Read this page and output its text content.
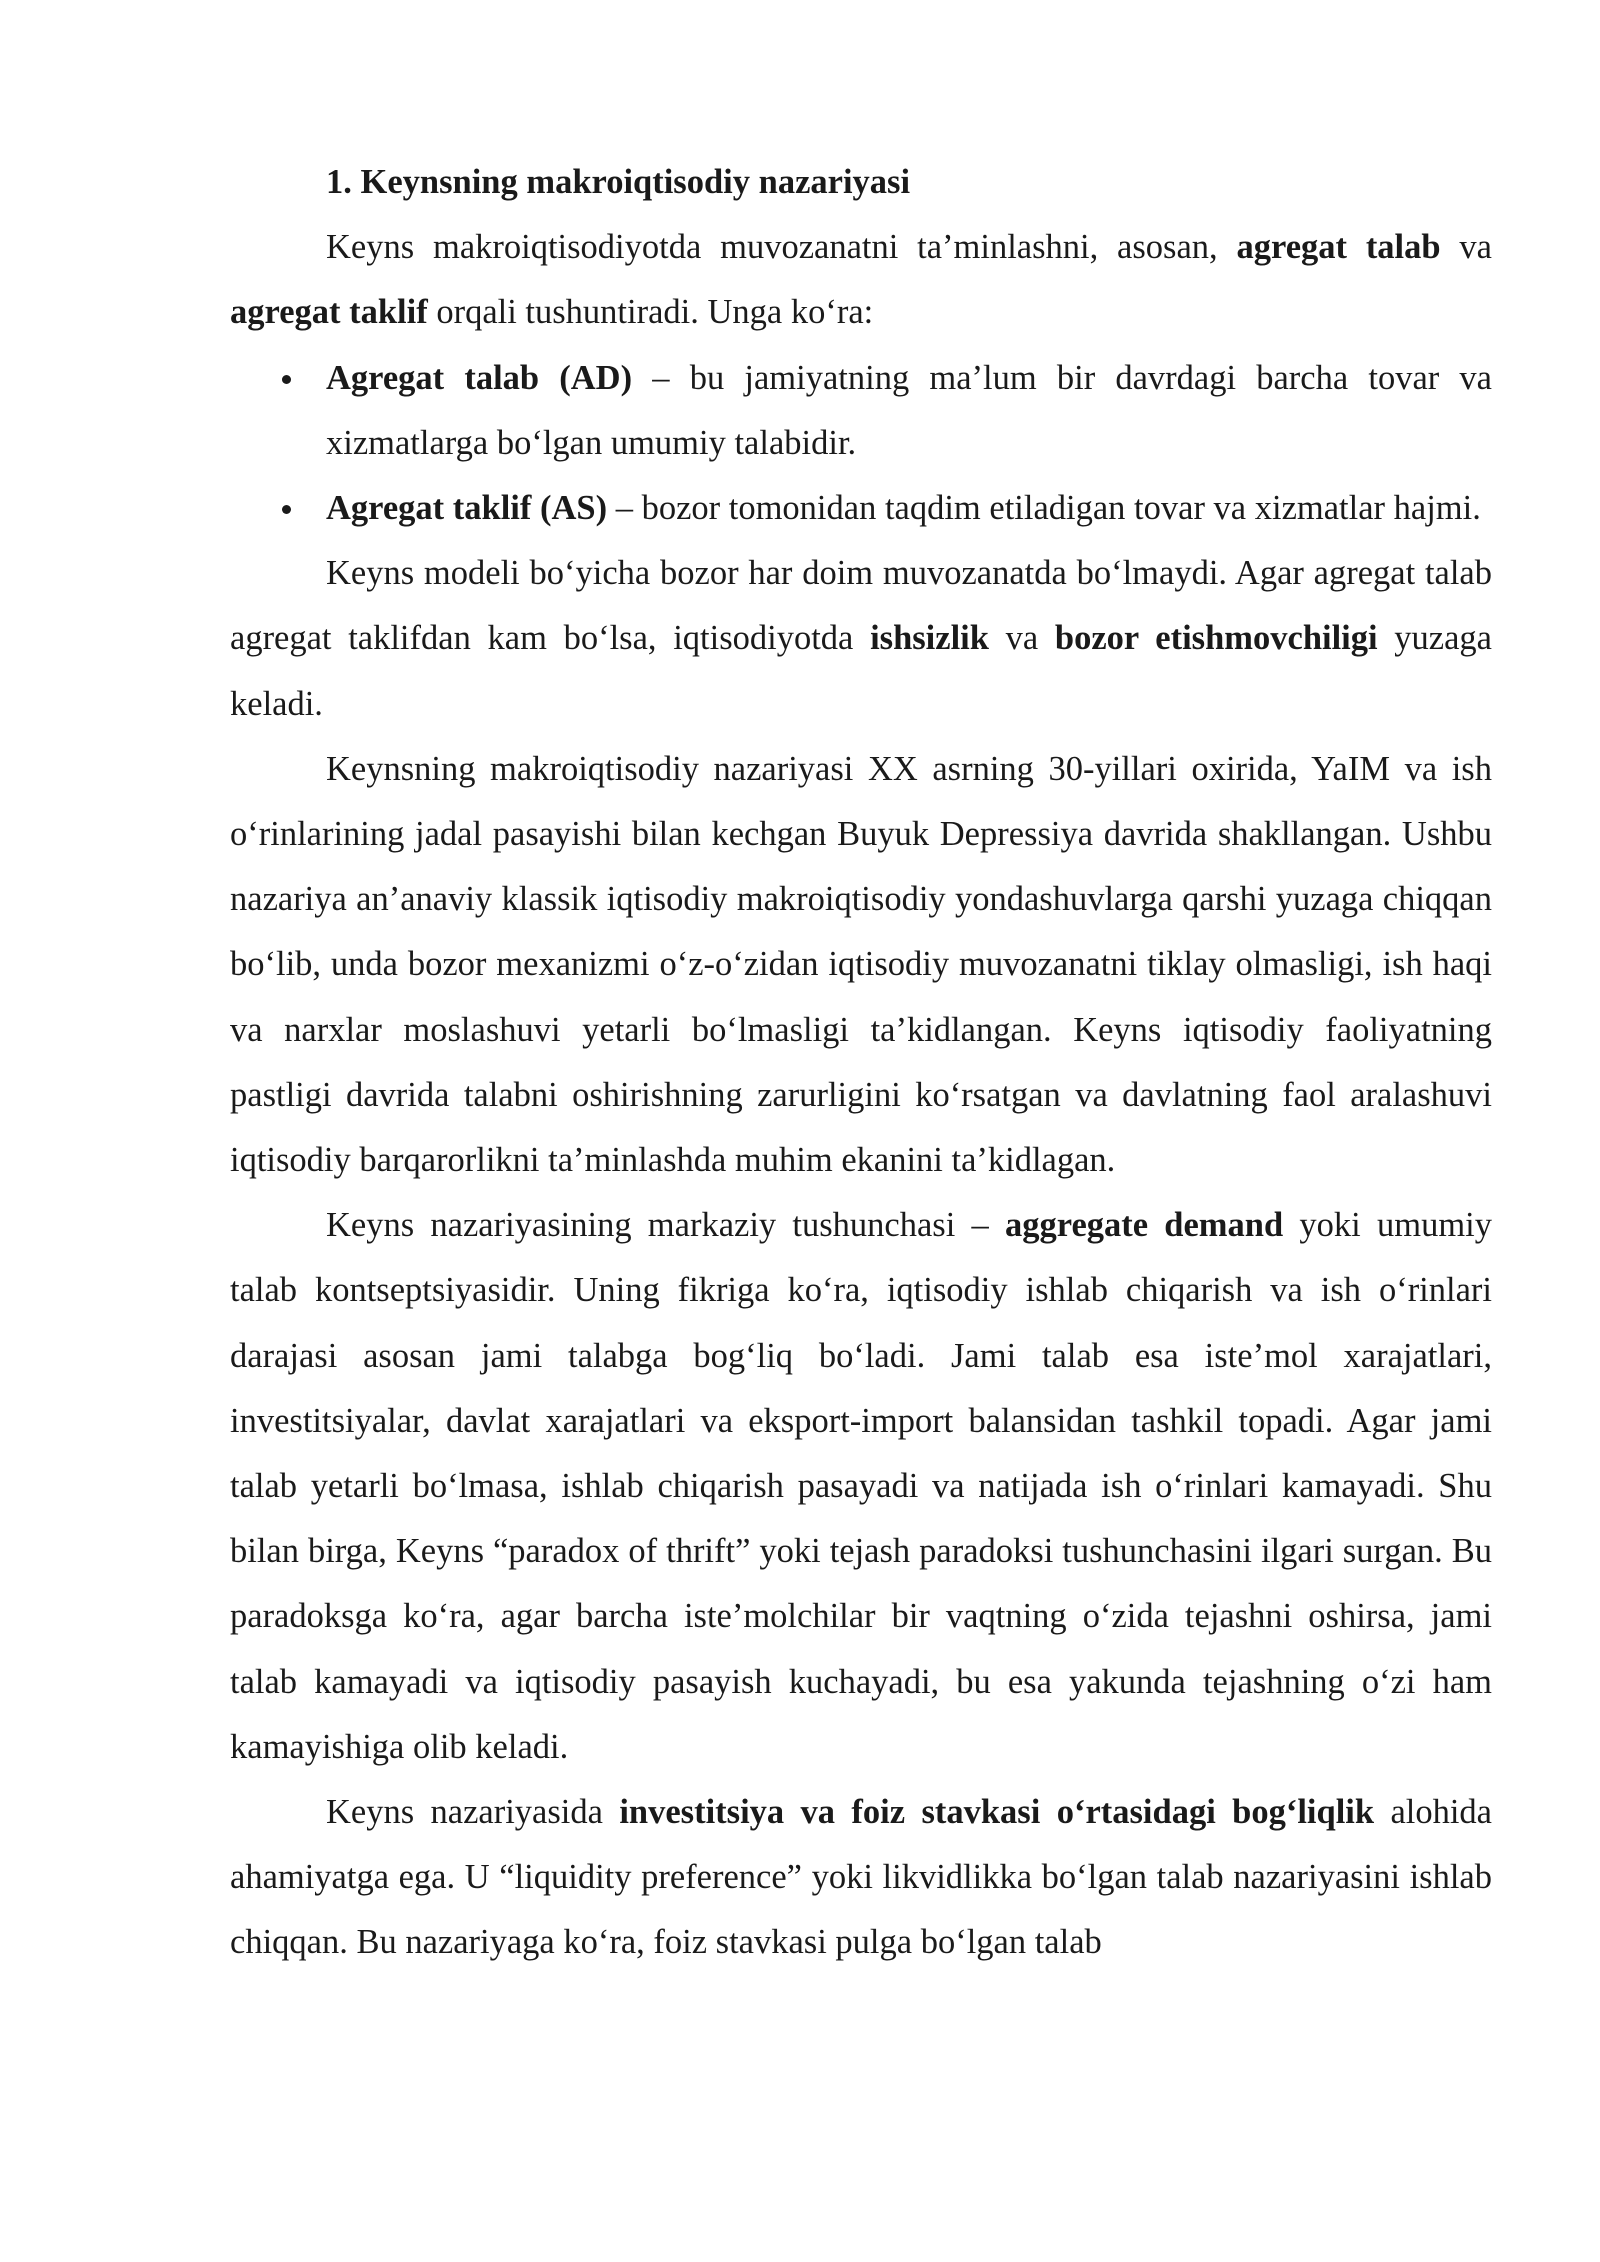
1. Keynsning makroiqtisodiy nazariyasi

Keyns makroiqtisodiyotda muvozanatni ta’minlashni, asosan, agregat talab va agregat taklif orqali tushuntiradi. Unga ko‘ra:

Agregat talab (AD) – bu jamiyatning ma’lum bir davrdagi barcha tovar va xizmatlarga bo‘lgan umumiy talabidir.
Agregat taklif (AS) – bozor tomonidan taqdim etiladigan tovar va xizmatlar hajmi.

Keyns modeli bo‘yicha bozor har doim muvozanatda bo‘lmaydi. Agar agregat talab agregat taklifdan kam bo‘lsa, iqtisodiyotda ishsizlik va bozor etishmovchiligi yuzaga keladi.

Keynsning makroiqtisodiy nazariyasi XX asrning 30-yillari oxirida, YaIM va ish o‘rinlarining jadal pasayishi bilan kechgan Buyuk Depressiya davrida shakllangan. Ushbu nazariya an’anaviy klassik iqtisodiy makroiqtisodiy yondashuvlarga qarshi yuzaga chiqqan bo‘lib, unda bozor mexanizmi o‘z-o‘zidan iqtisodiy muvozanatni tiklay olmasligi, ish haqi va narxlar moslashuvi yetarli bo‘lmasligi ta’kidlangan. Keyns iqtisodiy faoliyatning pastligi davrida talabni oshirishning zarurligini ko‘rsatgan va davlatning faol aralashuvi iqtisodiy barqarorlikni ta’minlashda muhim ekanini ta’kidlagan.

Keyns nazariyasining markaziy tushunchasi – aggregate demand yoki umumiy talab kontseptsiyasidir. Uning fikriga ko‘ra, iqtisodiy ishlab chiqarish va ish o‘rinlari darajasi asosan jami talabga bog‘liq bo‘ladi. Jami talab esa iste’mol xarajatlari, investitsiyalar, davlat xarajatlari va eksport-import balansidan tashkil topadi. Agar jami talab yetarli bo‘lmasa, ishlab chiqarish pasayadi va natijada ish o‘rinlari kamayadi. Shu bilan birga, Keyns “paradox of thrift” yoki tejash paradoksi tushunchasini ilgari surgan. Bu paradoksga ko‘ra, agar barcha iste’molchilar bir vaqtning o‘zida tejashni oshirsa, jami talab kamayadi va iqtisodiy pasayish kuchayadi, bu esa yakunda tejashning o‘zi ham kamayishiga olib keladi.

Keyns nazariyasida investitsiya va foiz stavkasi o‘rtasidagi bog‘liqlik alohida ahamiyatga ega. U “liquidity preference” yoki likvidlikka bo‘lgan talab nazariyasini ishlab chiqqan. Bu nazariyaga ko‘ra, foiz stavkasi pulga bo‘lgan talab
